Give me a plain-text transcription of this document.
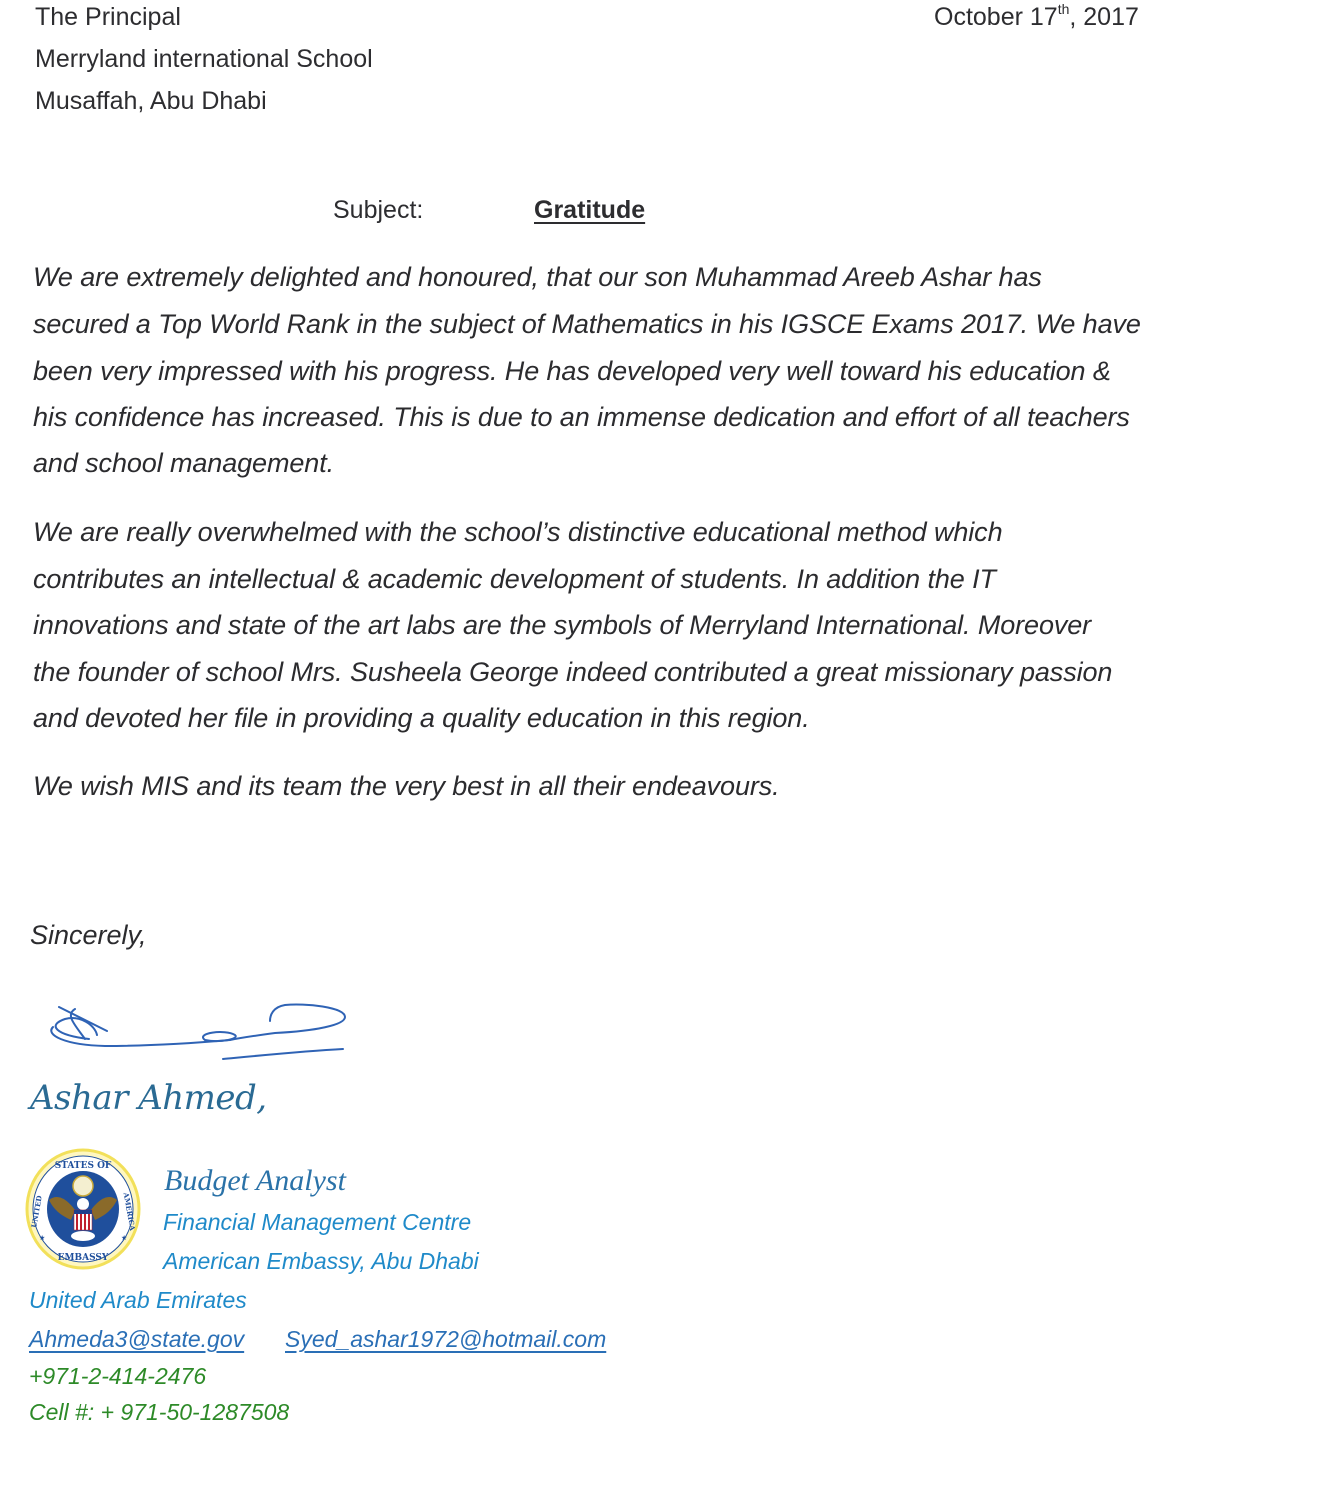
The Principal
Merryland international School
Musaffah, Abu Dhabi
October 17th, 2017
Subject:	Gratitude
We are extremely delighted and honoured, that our son Muhammad Areeb Ashar has
secured a Top World Rank in the subject of Mathematics in his IGSCE Exams 2017. We have
been very impressed with his progress. He has developed very well toward his education &
his confidence has increased. This is due to an immense dedication and effort of all teachers
and school management.
We are really overwhelmed with the school’s distinctive educational method which
contributes an intellectual & academic development of students. In addition the IT
innovations and state of the art labs are the symbols of Merryland International. Moreover
the founder of school Mrs. Susheela George indeed contributed a great missionary passion
and devoted her file in providing a quality education in this region.
We wish MIS and its team the very best in all their endeavours.
Sincerely,
Ashar Ahmed,
STATES OF
UNITED	AMERICA
EMBASSY
★	★
Budget Analyst
Financial Management Centre
American Embassy, Abu Dhabi
United Arab Emirates
Ahmeda3@state.gov Syed_ashar1972@hotmail.com
+971-2-414-2476
Cell #: + 971-50-1287508
